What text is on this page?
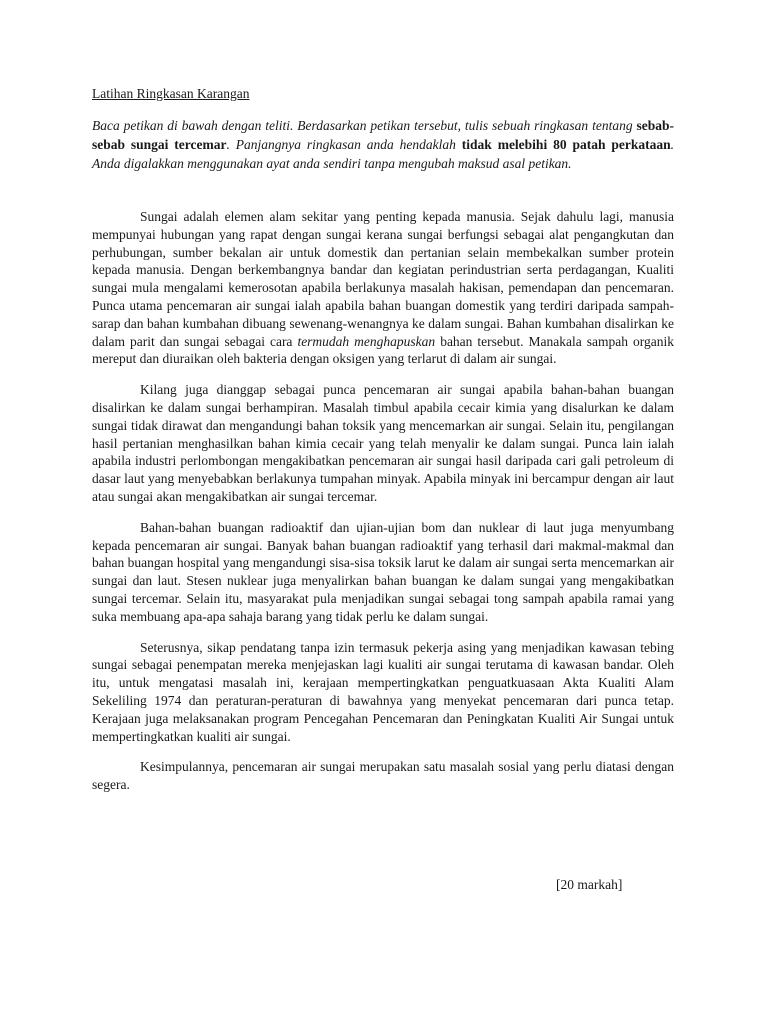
Latihan Ringkasan Karangan

Baca petikan di bawah dengan teliti. Berdasarkan petikan tersebut, tulis sebuah ringkasan tentang sebab-sebab sungai tercemar. Panjangnya ringkasan anda hendaklah tidak melebihi 80 patah perkataan. Anda digalakkan menggunakan ayat anda sendiri tanpa mengubah maksud asal petikan.

Sungai adalah elemen alam sekitar yang penting kepada manusia. Sejak dahulu lagi, manusia mempunyai hubungan yang rapat dengan sungai kerana sungai berfungsi sebagai alat pengangkutan dan perhubungan, sumber bekalan air untuk domestik dan pertanian selain membekalkan sumber protein kepada manusia. Dengan berkembangnya bandar dan kegiatan perindustrian serta perdagangan, Kualiti sungai mula mengalami kemerosotan apabila berlakunya masalah hakisan, pemendapan dan pencemaran. Punca utama pencemaran air sungai ialah apabila bahan buangan domestik yang terdiri daripada sampah-sarap dan bahan kumbahan dibuang sewenang-wenangnya ke dalam sungai. Bahan kumbahan disalirkan ke dalam parit dan sungai sebagai cara termudah menghapuskan bahan tersebut. Manakala sampah organik mereput dan diuraikan oleh bakteria dengan oksigen yang terlarut di dalam air sungai.

Kilang juga dianggap sebagai punca pencemaran air sungai apabila bahan-bahan buangan disalirkan ke dalam sungai berhampiran. Masalah timbul apabila cecair kimia yang disalurkan ke dalam sungai tidak dirawat dan mengandungi bahan toksik yang mencemarkan air sungai. Selain itu, pengilangan hasil pertanian menghasilkan bahan kimia cecair yang telah menyalir ke dalam sungai. Punca lain ialah apabila industri perlombongan mengakibatkan pencemaran air sungai hasil daripada cari gali petroleum di dasar laut yang menyebabkan berlakunya tumpahan minyak. Apabila minyak ini bercampur dengan air laut atau sungai akan mengakibatkan air sungai tercemar.

Bahan-bahan buangan radioaktif dan ujian-ujian bom dan nuklear di laut juga menyumbang kepada pencemaran air sungai. Banyak bahan buangan radioaktif yang terhasil dari makmal-makmal dan bahan buangan hospital yang mengandungi sisa-sisa toksik larut ke dalam air sungai serta mencemarkan air sungai dan laut. Stesen nuklear juga menyalirkan bahan buangan ke dalam sungai yang mengakibatkan sungai tercemar. Selain itu, masyarakat pula menjadikan sungai sebagai tong sampah apabila ramai yang suka membuang apa-apa sahaja barang yang tidak perlu ke dalam sungai.

Seterusnya, sikap pendatang tanpa izin termasuk pekerja asing yang menjadikan kawasan tebing sungai sebagai penempatan mereka menjejaskan lagi kualiti air sungai terutama di kawasan bandar. Oleh itu, untuk mengatasi masalah ini, kerajaan mempertingkatkan penguatkuasaan Akta Kualiti Alam Sekeliling 1974 dan peraturan-peraturan di bawahnya yang menyekat pencemaran dari punca tetap. Kerajaan juga melaksanakan program Pencegahan Pencemaran dan Peningkatan Kualiti Air Sungai untuk mempertingkatkan kualiti air sungai.

Kesimpulannya, pencemaran air sungai merupakan satu masalah sosial yang perlu diatasi dengan segera.

[20 markah]
